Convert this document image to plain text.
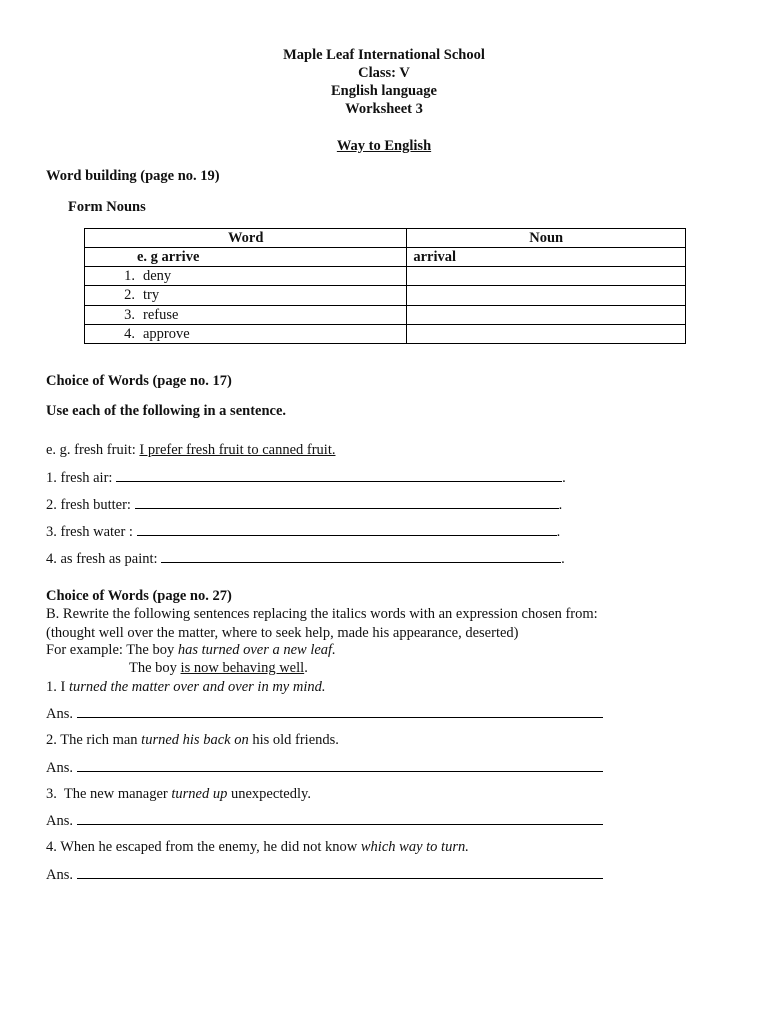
Maple Leaf International School
Class: V
English language
Worksheet 3
Way to English
Word building (page no. 19)
Form Nouns
Word	Noun
e. g arrive	arrival
1. deny	
2. try	
3. refuse	
4. approve	
Choice of Words (page no. 17)
Use each of the following in a sentence.
e. g. fresh fruit: I prefer fresh fruit to canned fruit.
1. fresh air:	.
2. fresh butter:	.
3. fresh water :	.
4. as fresh as paint:	.
Choice of Words (page no. 27)
B. Rewrite the following sentences replacing the italics words with an expression chosen from:
(thought well over the matter, where to seek help, made his appearance, deserted)
For example: The boy has turned over a new leaf.
The boy is now behaving well.
1. I turned the matter over and over in my mind.
Ans.
2. The rich man turned his back on his old friends.
Ans.
3.  The new manager turned up unexpectedly.
Ans.
4. When he escaped from the enemy, he did not know which way to turn.
Ans.
